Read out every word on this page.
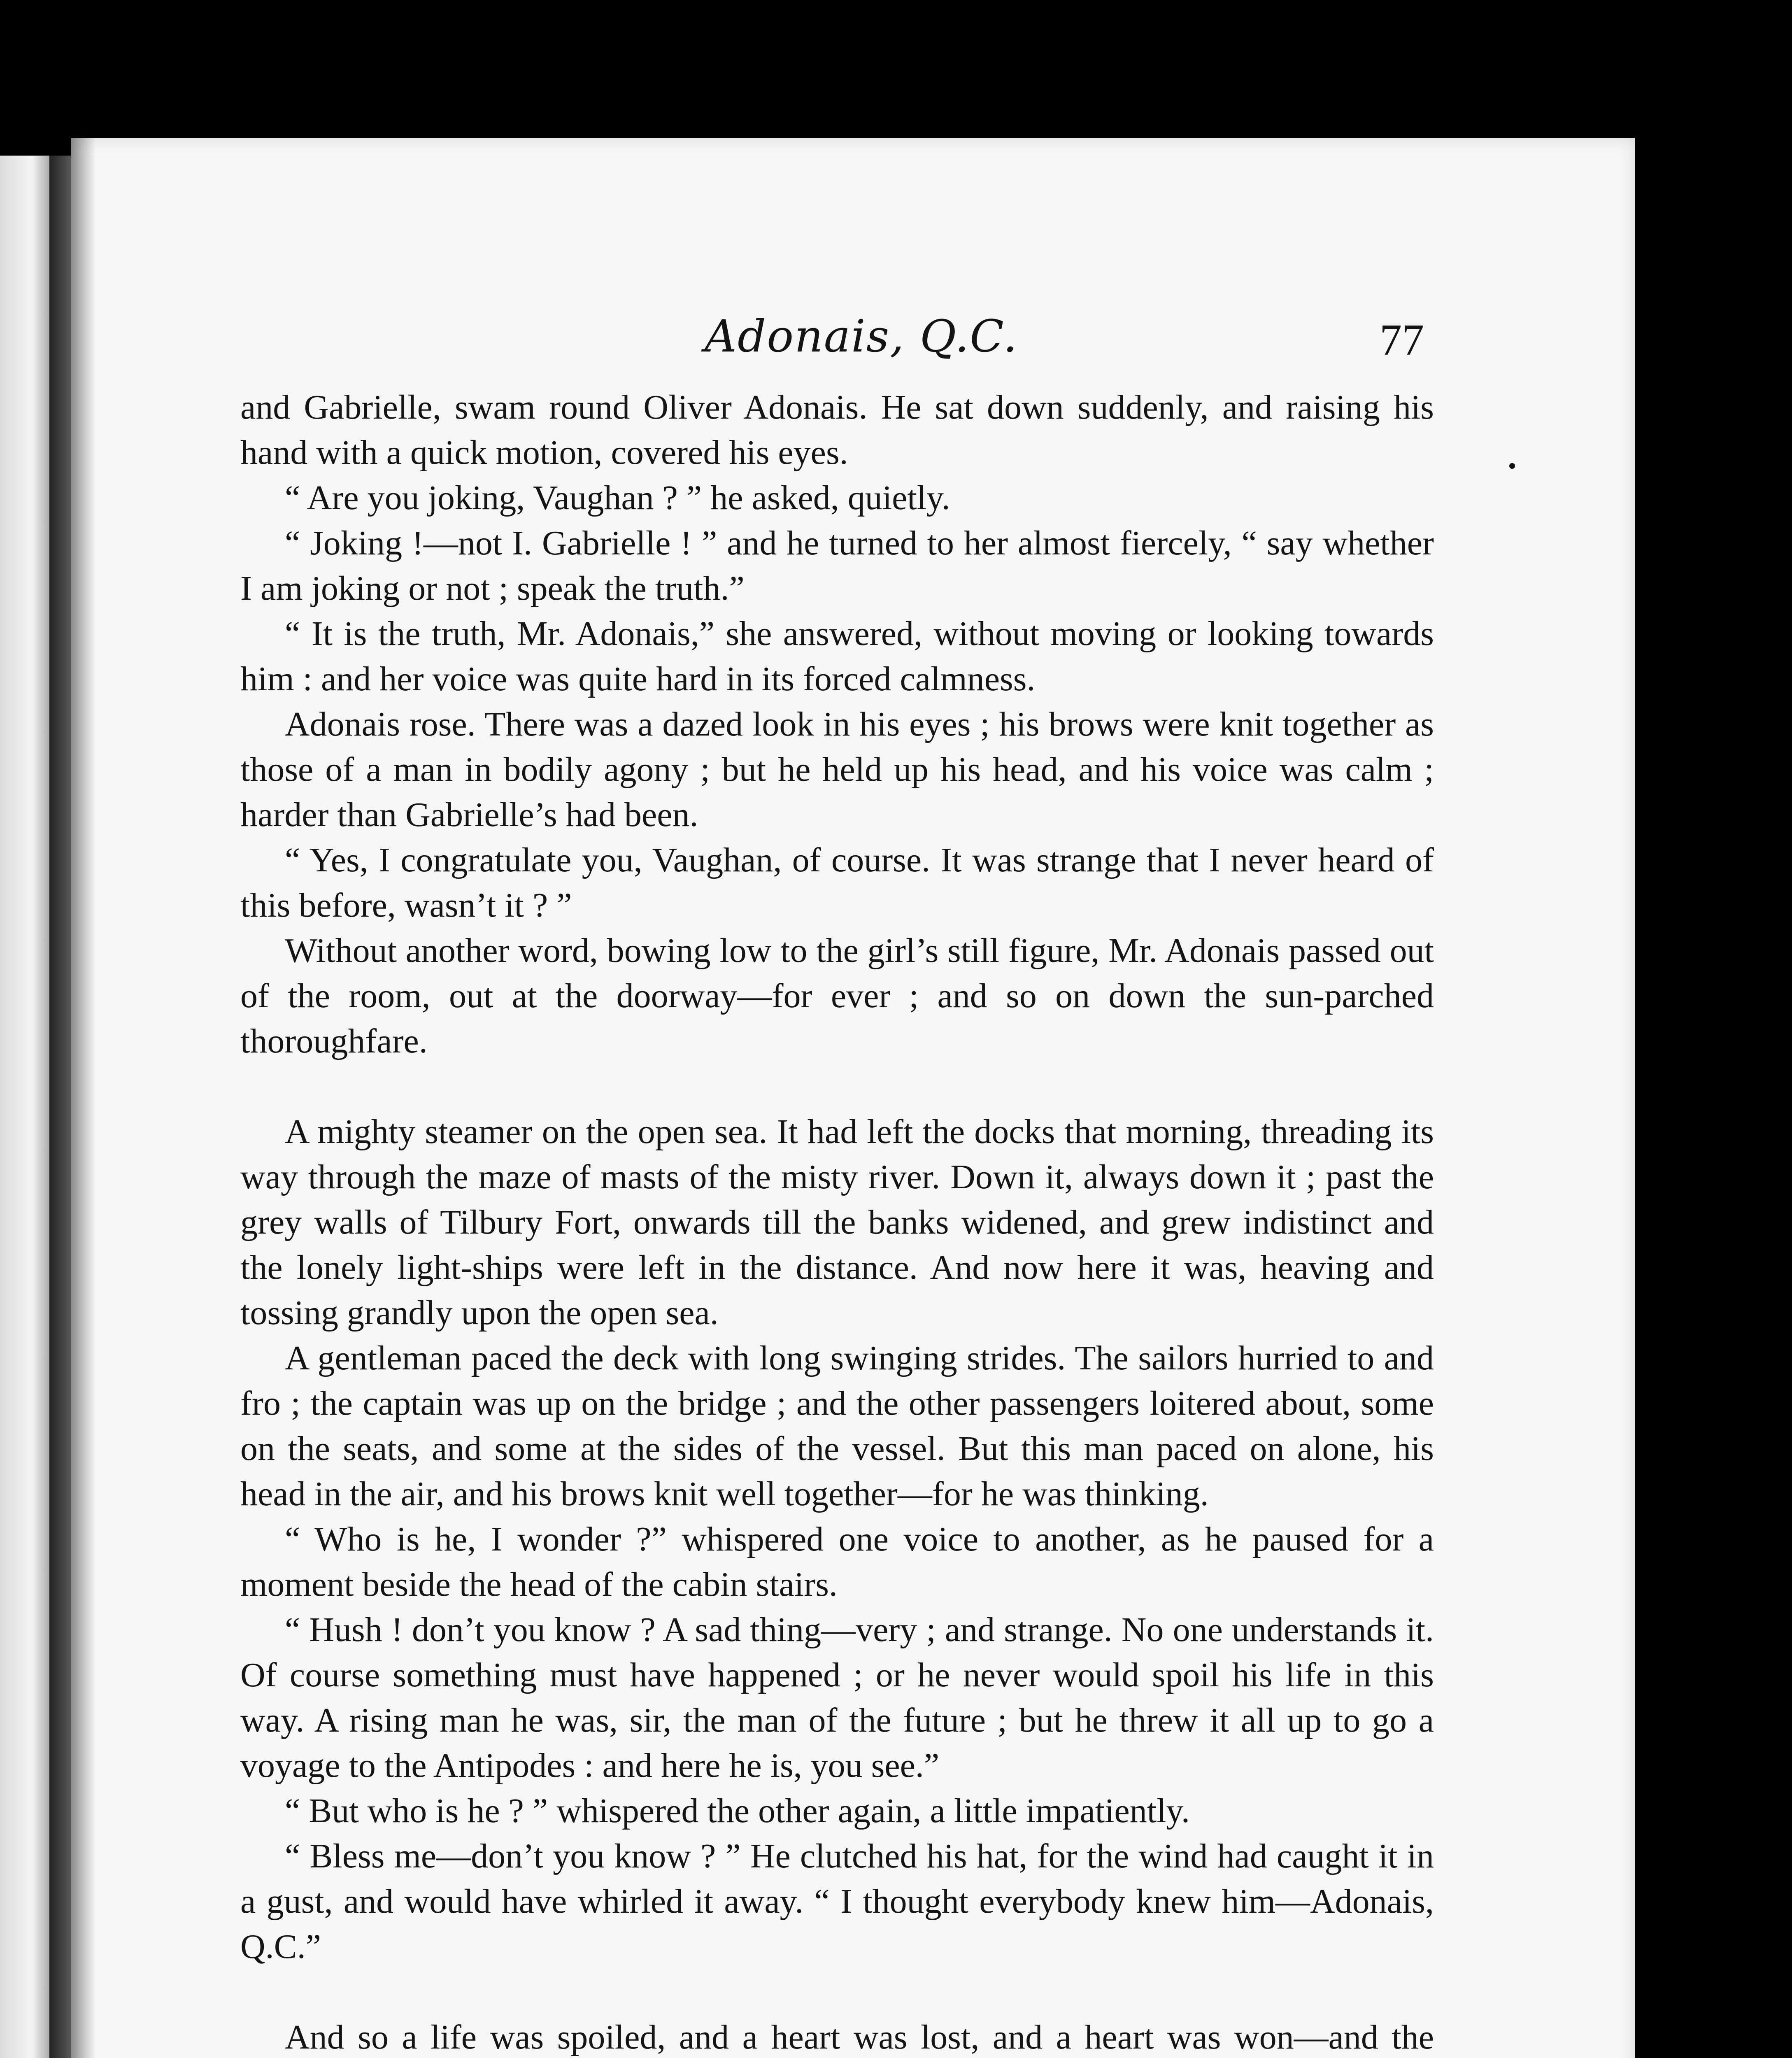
Adonais, Q.C.	77

and Gabrielle, swam round Oliver Adonais. He sat down suddenly, and raising his hand with a quick motion, covered his eyes.

“ Are you joking, Vaughan ? ” he asked, quietly.

“ Joking !—not I. Gabrielle ! ” and he turned to her almost fiercely, “ say whether I am joking or not ; speak the truth.”

“ It is the truth, Mr. Adonais,” she answered, without moving or looking towards him : and her voice was quite hard in its forced calmness.

Adonais rose. There was a dazed look in his eyes ; his brows were knit together as those of a man in bodily agony ; but he held up his head, and his voice was calm ; harder than Gabrielle’s had been.

“ Yes, I congratulate you, Vaughan, of course. It was strange that I never heard of this before, wasn’t it ? ”

Without another word, bowing low to the girl’s still figure, Mr. Adonais passed out of the room, out at the doorway—for ever ; and so on down the sun-parched thoroughfare.

A mighty steamer on the open sea. It had left the docks that morning, threading its way through the maze of masts of the misty river. Down it, always down it ; past the grey walls of Tilbury Fort, onwards till the banks widened, and grew indistinct and the lonely light-ships were left in the distance. And now here it was, heaving and tossing grandly upon the open sea.

A gentleman paced the deck with long swinging strides. The sailors hurried to and fro ; the captain was up on the bridge ; and the other passengers loitered about, some on the seats, and some at the sides of the vessel. But this man paced on alone, his head in the air, and his brows knit well together—for he was thinking.

“ Who is he, I wonder ?” whispered one voice to another, as he paused for a moment beside the head of the cabin stairs.

“ Hush ! don’t you know ? A sad thing—very ; and strange. No one understands it. Of course something must have happened ; or he never would spoil his life in this way. A rising man he was, sir, the man of the future ; but he threw it all up to go a voyage to the Antipodes : and here he is, you see.”

“ But who is he ? ” whispered the other again, a little impatiently.

“ Bless me—don’t you know ? ” He clutched his hat, for the wind had caught it in a gust, and would have whirled it away. “ I thought everybody knew him—Adonais, Q.C.”

And so a life was spoiled, and a heart was lost, and a heart was won—and the
